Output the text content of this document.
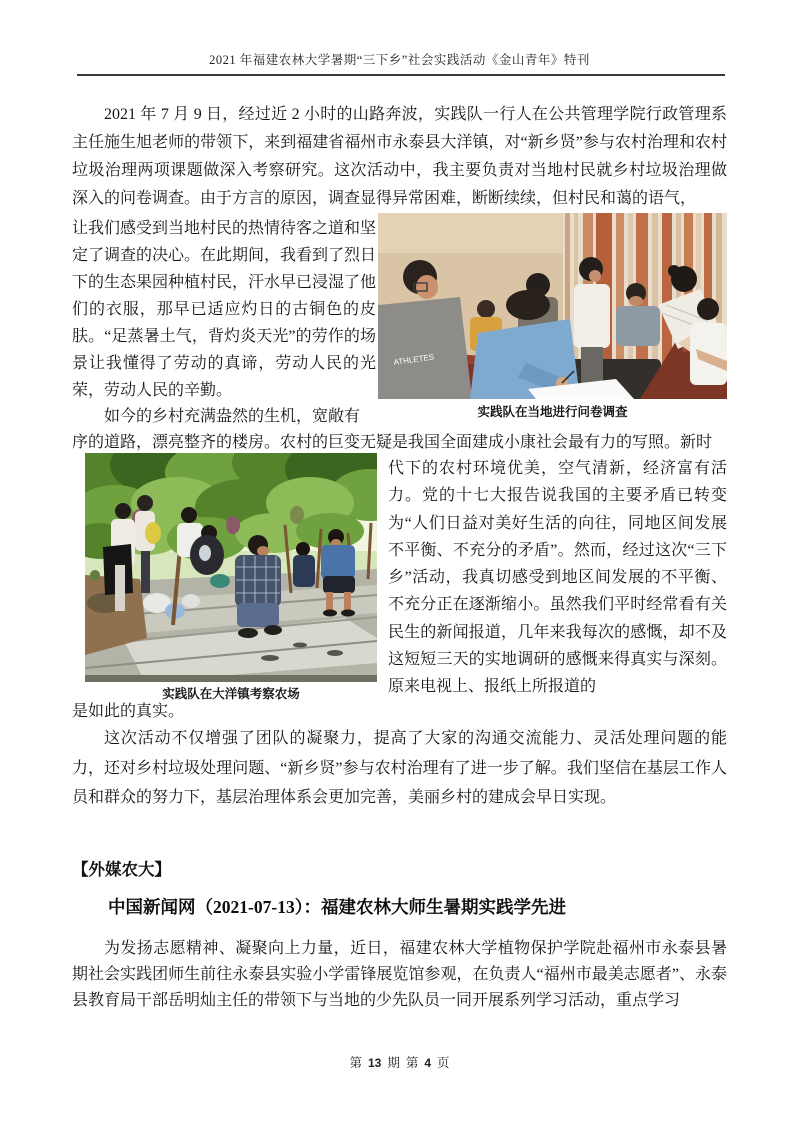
2021 年福建农林大学暑期“三下乡”社会实践活动《金山青年》特刊
2021 年 7 月 9 日，经过近 2 小时的山路奔波，实践队一行人在公共管理学院行政管理系主任施生旭老师的带领下，来到福建省福州市永泰县大洋镇，对“新乡贤”参与农村治理和农村垃圾治理两项课题做深入考察研究。这次活动中，我主要负责对当地村民就乡村垃圾治理做深入的问卷调查。由于方言的原因，调查显得异常困难，断断续续，但村民和蔼的语气，
让我们感受到当地村民的热情待客之道和坚定了调查的决心。在此期间，我看到了烈日下的生态果园种植村民，汗水早已浸湿了他们的衣服，那早已适应灼日的古铜色的皮肤。“足蒸暑土气，背灼炎天光”的劳作的场景让我懂得了劳动的真谛，劳动人民的光荣，劳动人民的辛勤。
ATHLETES
实践队在当地进行问卷调查
如今的乡村充满盎然的生机，宽敞有
序的道路，漂亮整齐的楼房。农村的巨变无疑是我国全面建成小康社会最有力的写照。新时
实践队在大洋镇考察农场
代下的农村环境优美，空气清新，经济富有活力。党的十七大报告说我国的主要矛盾已转变为“人们日益对美好生活的向往，同地区间发展不平衡、不充分的矛盾”。然而，经过这次“三下乡”活动，我真切感受到地区间发展的不平衡、不充分正在逐渐缩小。虽然我们平时经常看有关民生的新闻报道，几年来我每次的感慨，却不及这短短三天的实地调研的感慨来得真实与深刻。原来电视上、报纸上所报道的
是如此的真实。
这次活动不仅增强了团队的凝聚力，提高了大家的沟通交流能力、灵活处理问题的能力，还对乡村垃圾处理问题、“新乡贤”参与农村治理有了进一步了解。我们坚信在基层工作人员和群众的努力下，基层治理体系会更加完善，美丽乡村的建成会早日实现。
【外媒农大】
中国新闻网（2021-07-13）：福建农林大师生暑期实践学先进
为发扬志愿精神、凝聚向上力量，近日，福建农林大学植物保护学院赴福州市永泰县暑期社会实践团师生前往永泰县实验小学雷锋展览馆参观，在负责人“福州市最美志愿者”、永泰县教育局干部岳明灿主任的带领下与当地的少先队员一同开展系列学习活动，重点学习
第 13 期 第 4 页
